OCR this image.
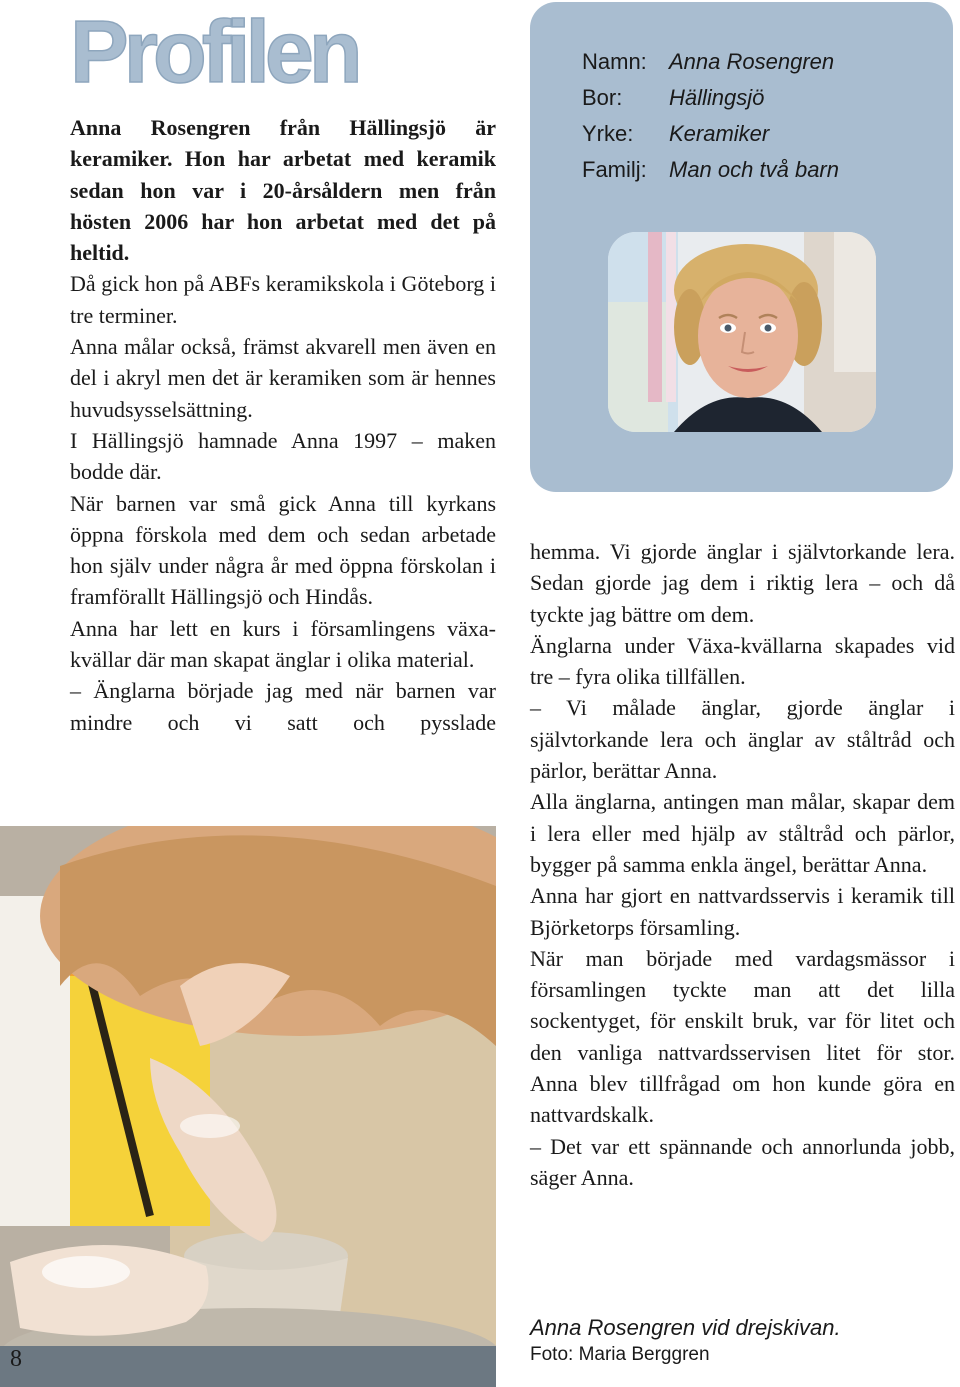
Profilen

Anna Rosengren från Hällingsjö är keramiker. Hon har arbetat med keramik sedan hon var i 20-årsåldern men från hösten 2006 har hon arbetat med det på heltid.

Då gick hon på ABFs keramikskola i Göteborg i tre terminer.

Anna målar också, främst akvarell men även en del i akryl men det är keramiken som är hennes huvudsysselsättning.

I Hällingsjö hamnade Anna 1997 – maken bodde där.

När barnen var små gick Anna till kyrkans öppna förskola med dem och sedan arbetade hon själv under några år med öppna förskolan i framförallt Hällingsjö och Hindås.

Anna har lett en kurs i församlingens växa-kvällar där man skapat änglar i olika material.

– Änglarna började jag med när barnen var mindre och vi satt och pysslade

Namn:	Anna Rosengren
Bor:	Hällingsjö
Yrke:	Keramiker
Familj:	Man och två barn

hemma. Vi gjorde änglar i självtorkande lera. Sedan gjorde jag dem i riktig lera – och då tyckte jag bättre om dem.

Änglarna under Växa-kvällarna skapades vid tre – fyra olika tillfällen.

– Vi målade änglar, gjorde änglar i självtorkande lera och änglar av ståltråd och pärlor, berättar Anna.

Alla änglarna, antingen man målar, skapar dem i lera eller med hjälp av ståltråd och pärlor, bygger på samma enkla ängel, berättar Anna.

Anna har gjort en nattvardsservis i keramik till Björketorps församling.

När man började med vardagsmässor i församlingen tyckte man att det lilla sockentyget, för enskilt bruk, var för litet och den vanliga nattvardsservisen litet för stor. Anna blev tillfrågad om hon kunde göra en nattvardskalk.

– Det var ett spännande och annorlunda jobb, säger Anna.

Anna Rosengren vid drejskivan.
Foto: Maria Berggren
8
